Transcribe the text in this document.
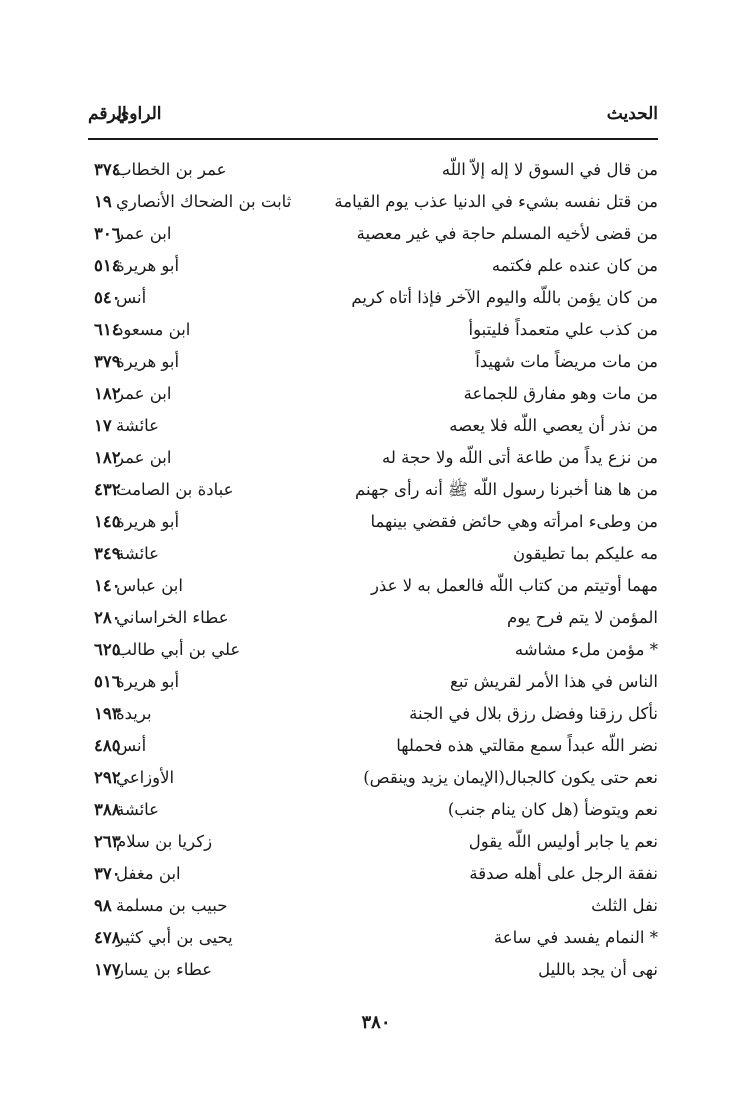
الحديث
الراوي
الرقم
من قال في السوق لا إله إلاّ اللّه
عمر بن الخطاب
٣٧٤
من قتل نفسه بشيء في الدنيا عذب يوم القيامة
ثابت بن الضحاك الأنصاري
١٩
من قضى لأخيه المسلم حاجة في غير معصية
ابن عمر
٣٠٦
من كان عنده علم فكتمه
أبو هريرة
٥١٤
من كان يؤمن باللّه واليوم الآخر فإذا أتاه كريم
أنس
٥٤٠
من كذب علي متعمداً فليتبوأ
ابن مسعود
٦١٤
من مات مريضاً مات شهيداً
أبو هريرة
٣٧٩
من مات وهو مفارق للجماعة
ابن عمر
١٨٢
من نذر أن يعصي اللّه فلا يعصه
عائشة
١٧
من نزع يداً من طاعة أتى اللّه ولا حجة له
ابن عمر
١٨٢
من ها هنا أخبرنا رسول اللّه ﷺ أنه رأى جهنم
عبادة بن الصامت
٤٣٢
من وطىء امرأته وهي حائض فقضي بينهما
أبو هريرة
١٤٥
مه عليكم بما تطيقون
عائشة
٣٤٩
مهما أوتيتم من كتاب اللّه فالعمل به لا عذر
ابن عباس
١٤٠
المؤمن لا يتم فرح يوم
عطاء الخراساني
٢٨٠
* مؤمن ملء مشاشه
علي بن أبي طالب
٦٢٥
الناس في هذا الأمر لقريش تبع
أبو هريرة
٥١٦
نأكل رزقنا وفضل رزق بلال في الجنة
بريدة
١٩٣
نضر اللّه عبداً سمع مقالتي هذه فحملها
أنس
٤٨٥
نعم حتى يكون كالجبال(الإيمان يزيد وينقص)
الأوزاعي
٢٩٢
نعم ويتوضأ (هل كان ينام جنب)
عائشة
٣٨٨
نعم يا جابر أوليس اللّه يقول
زكريا بن سلام
٢٦٣
نفقة الرجل على أهله صدقة
ابن مغفل
٣٧٠
نفل الثلث
حبيب بن مسلمة
٩٨
* النمام يفسد في ساعة
يحيى بن أبي كثير
٤٧٨
نهى أن يجد بالليل
عطاء بن يسار
١٧٧
٣٨٠
